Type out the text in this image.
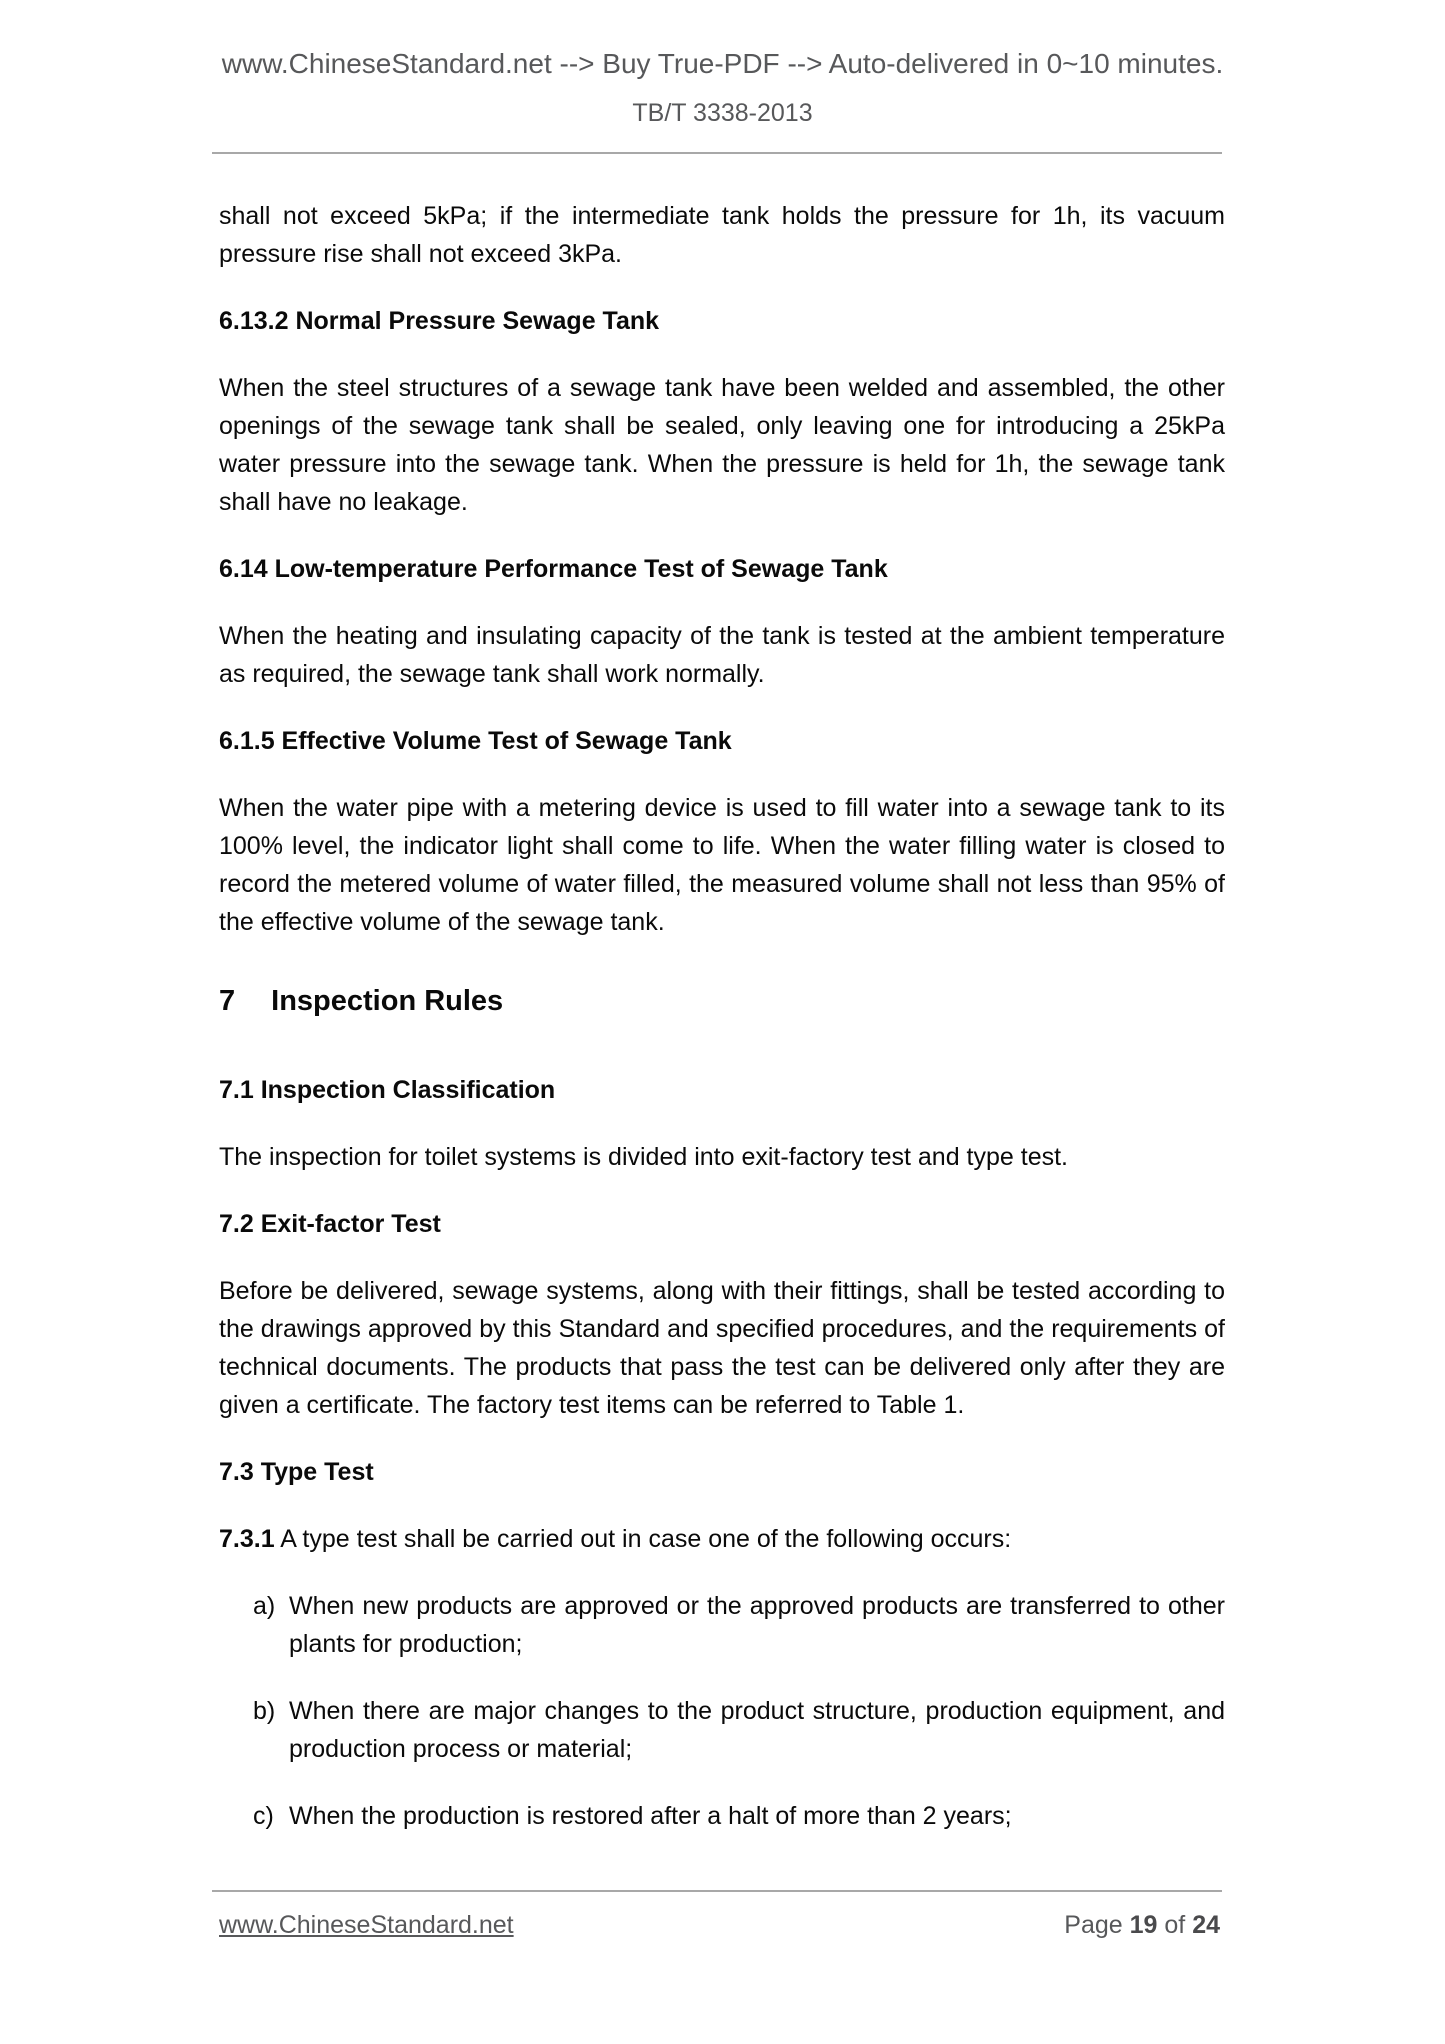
www.ChineseStandard.net --> Buy True-PDF --> Auto-delivered in 0~10 minutes.
TB/T 3338-2013

shall not exceed 5kPa; if the intermediate tank holds the pressure for 1h, its vacuum pressure rise shall not exceed 3kPa.

6.13.2 Normal Pressure Sewage Tank

When the steel structures of a sewage tank have been welded and assembled, the other openings of the sewage tank shall be sealed, only leaving one for introducing a 25kPa water pressure into the sewage tank. When the pressure is held for 1h, the sewage tank shall have no leakage.

6.14 Low-temperature Performance Test of Sewage Tank

When the heating and insulating capacity of the tank is tested at the ambient temperature as required, the sewage tank shall work normally.

6.1.5 Effective Volume Test of Sewage Tank

When the water pipe with a metering device is used to fill water into a sewage tank to its 100% level, the indicator light shall come to life. When the water filling water is closed to record the metered volume of water filled, the measured volume shall not less than 95% of the effective volume of the sewage tank.

7 Inspection Rules
7.1 Inspection Classification

The inspection for toilet systems is divided into exit-factory test and type test.

7.2 Exit-factor Test

Before be delivered, sewage systems, along with their fittings, shall be tested according to the drawings approved by this Standard and specified procedures, and the requirements of technical documents. The products that pass the test can be delivered only after they are given a certificate. The factory test items can be referred to Table 1.

7.3 Type Test

7.3.1 A type test shall be carried out in case one of the following occurs:

a) When new products are approved or the approved products are transferred to other plants for production;
b) When there are major changes to the product structure, production equipment, and production process or material;
c) When the production is restored after a halt of more than 2 years;
www.ChineseStandard.net	Page 19 of 24
